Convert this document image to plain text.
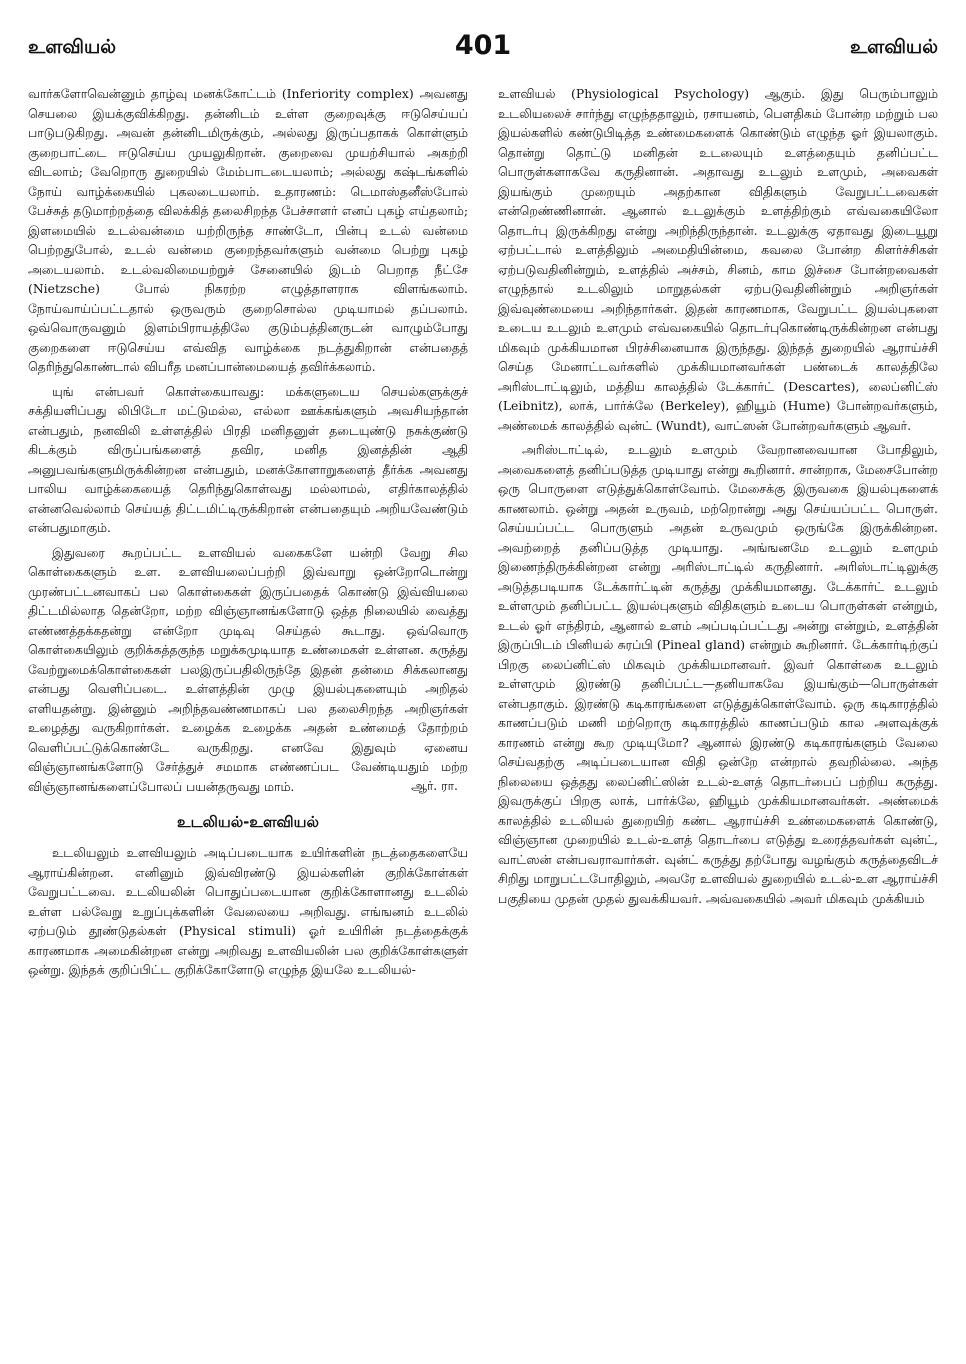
உளவியல்	401	உளவியல்

வார்களோவென்னும் தாழ்வு மனக்கோட்டம் (Inferiority complex) அவனது செயலை இயக்குவிக்கிறது. தன்னிடம் உள்ள குறைவுக்கு ஈடுசெய்யப் பாடுபடுகிறது. அவன் தன்னிடமிருக்கும், அல்லது இருப்பதாகக் கொள்ளும் குறைபாட்டை ஈடுசெய்ய முயலுகிறான். குறைவை முயற்சியால் அகற்றி விடலாம்; வேறொரு துறையில் மேம்பாடடையலாம்; அல்லது கஷ்டங்களில் நோய் வாழ்க்கையில் புகலடையலாம். உதாரணம்: டெமாஸ்தனீஸ்போல் பேச்சுத் தடுமாற்றத்தை விலக்கித் தலைசிறந்த பேச்சாளர் எனப் புகழ் எய்தலாம்; இளமையில் உடல்வன்மை யற்றிருந்த சாண்டோ, பின்பு உடல் வன்மை பெற்றதுபோல், உடல் வன்மை குறைந்தவர்களும் வன்மை பெற்று புகழ் அடையலாம். உடல்வலிமையற்றுச் சேனையில் இடம் பெறாத நீட்சே (Nietzsche) போல் நிகரற்ற எழுத்தாளராக விளங்கலாம். நோய்வாய்ப்பட்டதால் ஒருவரும் குறைசொல்ல முடியாமல் தப்பலாம். ஒவ்வொருவனும் இளம்பிராயத்திலே குடும்பத்தினருடன் வாழும்போது குறைகளை ஈடுசெய்ய எவ்வித வாழ்க்கை நடத்துகிறான் என்பதைத் தெரிந்துகொண்டால் விபரீத மனப்பான்மையைத் தவிர்க்கலாம்.

யுங் என்பவர் கொள்கையாவது: மக்களுடைய செயல்களுக்குச் சக்தியளிப்பது லிபிடோ மட்டுமல்ல, எல்லா ஊக்கங்களும் அவசியந்தான் என்பதும், நனவிலி உள்ளத்தில் பிரதி மனிதனுள் தடையுண்டு நசுக்குண்டு கிடக்கும் விருப்பங்களைத் தவிர, மனித இனத்தின் ஆதி அனுபவங்களுமிருக்கின்றன என்பதும், மனக்கோளாறுகளைத் தீர்க்க அவனது பாலிய வாழ்க்கையைத் தெரிந்துகொள்வது மல்லாமல், எதிர்காலத்தில் என்னவெல்லாம் செய்யத் திட்டமிட்டிருக்கிறான் என்பதையும் அறியவேண்டும் என்பதுமாகும்.

இதுவரை கூறப்பட்ட உளவியல் வகைகளே யன்றி வேறு சில கொள்கைகளும் உள. உளவியலைப்பற்றி இவ்வாறு ஒன்றோடொன்று முரண்பட்டனவாகப் பல கொள்கைகள் இருப்பதைக் கொண்டு இவ்வியலை திட்டமில்லாத தென்றோ, மற்ற விஞ்ஞானங்களோடு ஒத்த நிலையில் வைத்து எண்ணத்தக்கதன்று என்றோ முடிவு செய்தல் கூடாது. ஒவ்வொரு கொள்கையிலும் குறிக்கத்தகுந்த மறுக்கமுடியாத உண்மைகள் உள்ளன. கருத்து வேற்றுமைக்கொள்கைகள் பலஇருப்பதிலிருந்தே இதன் தன்மை சிக்கலானது என்பது வெளிப்படை. உள்ளத்தின் முழு இயல்புகளையும் அறிதல் எளியதன்று. இன்னும் அறிந்தவண்ணமாகப் பல தலைசிறந்த அறிஞர்கள் உழைத்து வருகிறார்கள். உழைக்க உழைக்க அதன் உண்மைத் தோற்றம் வெளிப்பட்டுக்கொண்டே வருகிறது. எனவே இதுவும் ஏனைய விஞ்ஞானங்களோடு சேர்த்துச் சமமாக எண்ணப்பட வேண்டியதும் மற்ற விஞ்ஞானங்களைப்போலப் பயன்தருவது மாம்.	ஆர். ரா.
உடலியல்-உளவியல்

உடலியலும் உளவியலும் அடிப்படையாக உயிர்களின் நடத்தைகளையே ஆராய்கின்றன. எனினும் இவ்விரண்டு இயல்களின் குறிக்கோள்கள் வேறுபட்டவை. உடலியலின் பொதுப்படையான குறிக்கோளானது உடலில் உள்ள பல்வேறு உறுப்புக்களின் வேலையை அறிவது. எங்ஙனம் உடலில் ஏற்படும் தூண்டுதல்கள் (Physical stimuli) ஓர் உயிரின் நடத்தைக்குக் காரணமாக அமைகின்றன என்று அறிவது உளவியலின் பல குறிக்கோள்களுள் ஒன்று. இந்தக் குறிப்பிட்ட குறிக்கோளோடு எழுந்த இயலே உடலியல்-

உளவியல் (Physiological Psychology) ஆகும். இது பெரும்பாலும் உடலியலைச் சார்ந்து எழுந்ததாலும், ரசாயனம், பௌதிகம் போன்ற மற்றும் பல இயல்களில் கண்டுபிடித்த உண்மைகளைக் கொண்டும் எழுந்த ஓர் இயலாகும். தொன்று தொட்டு மனிதன் உடலையும் உளத்தையும் தனிப்பட்ட பொருள்களாகவே கருதினான். அதாவது உடலும் உளமும், அவைகள் இயங்கும் முறையும் அதற்கான விதிகளும் வேறுபட்டவைகள் என்றெண்ணினான். ஆனால் உடலுக்கும் உளத்திற்கும் எவ்வகையிலோ தொடர்பு இருக்கிறது என்று அறிந்திருந்தான். உடலுக்கு ஏதாவது இடையூறு ஏற்பட்டால் உளத்திலும் அமைதியின்மை, கவலை போன்ற கிளர்ச்சிகள் ஏற்படுவதினின்றும், உளத்தில் அச்சம், சினம், காம இச்சை போன்றவைகள் எழுந்தால் உடலிலும் மாறுதல்கள் ஏற்படுவதினின்றும் அறிஞர்கள் இவ்வுண்மையை அறிந்தார்கள். இதன் காரணமாக, வேறுபட்ட இயல்புகளை உடைய உடலும் உளமும் எவ்வகையில் தொடர்புகொண்டிருக்கின்றன என்பது மிகவும் முக்கியமான பிரச்சினையாக இருந்தது. இந்தத் துறையில் ஆராய்ச்சி செய்த மேனாட்டவர்களில் முக்கியமானவர்கள் பண்டைக் காலத்திலே அரிஸ்டாட்டிலும், மத்திய காலத்தில் டேக்கார்ட் (Descartes), லைப்னிட்ஸ் (Leibnitz), லாக், பார்க்லே (Berkeley), ஹியூம் (Hume) போன்றவர்களும், அண்மைக் காலத்தில் வுன்ட் (Wundt), வாட்ஸன் போன்றவர்களும் ஆவர்.

அரிஸ்டாட்டில், உடலும் உளமும் வேறானவையான போதிலும், அவைகளைத் தனிப்படுத்த முடியாது என்று கூறினார். சான்றாக, மேசைபோன்ற ஒரு பொருளை எடுத்துக்கொள்வோம். மேசைக்கு இருவகை இயல்புகளைக் காணலாம். ஒன்று அதன் உருவம், மற்றொன்று அது செய்யப்பட்ட பொருள். செய்யப்பட்ட பொருளும் அதன் உருவமும் ஒருங்கே இருக்கின்றன. அவற்றைத் தனிப்படுத்த முடியாது. அங்ஙனமே உடலும் உளமும் இணைந்திருக்கின்றன என்று அரிஸ்டாட்டில் கருதினார். அரிஸ்டாட்டிலுக்கு அடுத்தபடியாக டேக்கார்ட்டின் கருத்து முக்கியமானது. டேக்கார்ட் உடலும் உள்ளமும் தனிப்பட்ட இயல்புகளும் விதிகளும் உடைய பொருள்கள் என்றும், உடல் ஓர் எந்திரம், ஆனால் உளம் அப்படிப்பட்டது அன்று என்றும், உளத்தின் இருப்பிடம் பினியல் சுரப்பி (Pineal gland) என்றும் கூறினார். டேக்கார்டிற்குப் பிறகு லைப்னிட்ஸ் மிகவும் முக்கியமானவர். இவர் கொள்கை உடலும் உள்ளமும் இரண்டு தனிப்பட்ட—தனியாகவே இயங்கும்—பொருள்கள் என்பதாகும். இரண்டு கடிகாரங்களை எடுத்துக்கொள்வோம். ஒரு கடிகாரத்தில் காணப்படும் மணி மற்றொரு கடிகாரத்தில் காணப்படும் கால அளவுக்குக் காரணம் என்று கூற முடியுமோ? ஆனால் இரண்டு கடிகாரங்களும் வேலை செய்வதற்கு அடிப்படையான விதி ஒன்றே என்றால் தவறில்லை. அந்த நிலையை ஒத்தது லைப்னிட்ஸின் உடல்-உளத் தொடர்பைப் பற்றிய கருத்து. இவருக்குப் பிறகு லாக், பார்க்லே, ஹியூம் முக்கியமானவர்கள். அண்மைக் காலத்தில் உடலியல் துறையிற் கண்ட ஆராய்ச்சி உண்மைகளைக் கொண்டு, விஞ்ஞான முறையில் உடல்-உளத் தொடர்பை எடுத்து உரைத்தவர்கள் வுன்ட், வாட்ஸன் என்பவராவார்கள். வுன்ட் கருத்து தற்போது வழங்கும் கருத்தைவிடச் சிறிது மாறுபட்டபோதிலும், அவரே உளவியல் துறையில் உடல்-உள ஆராய்ச்சி பகுதியை முதன் முதல் துவக்கியவர். அவ்வகையில் அவர் மிகவும் முக்கியம்
